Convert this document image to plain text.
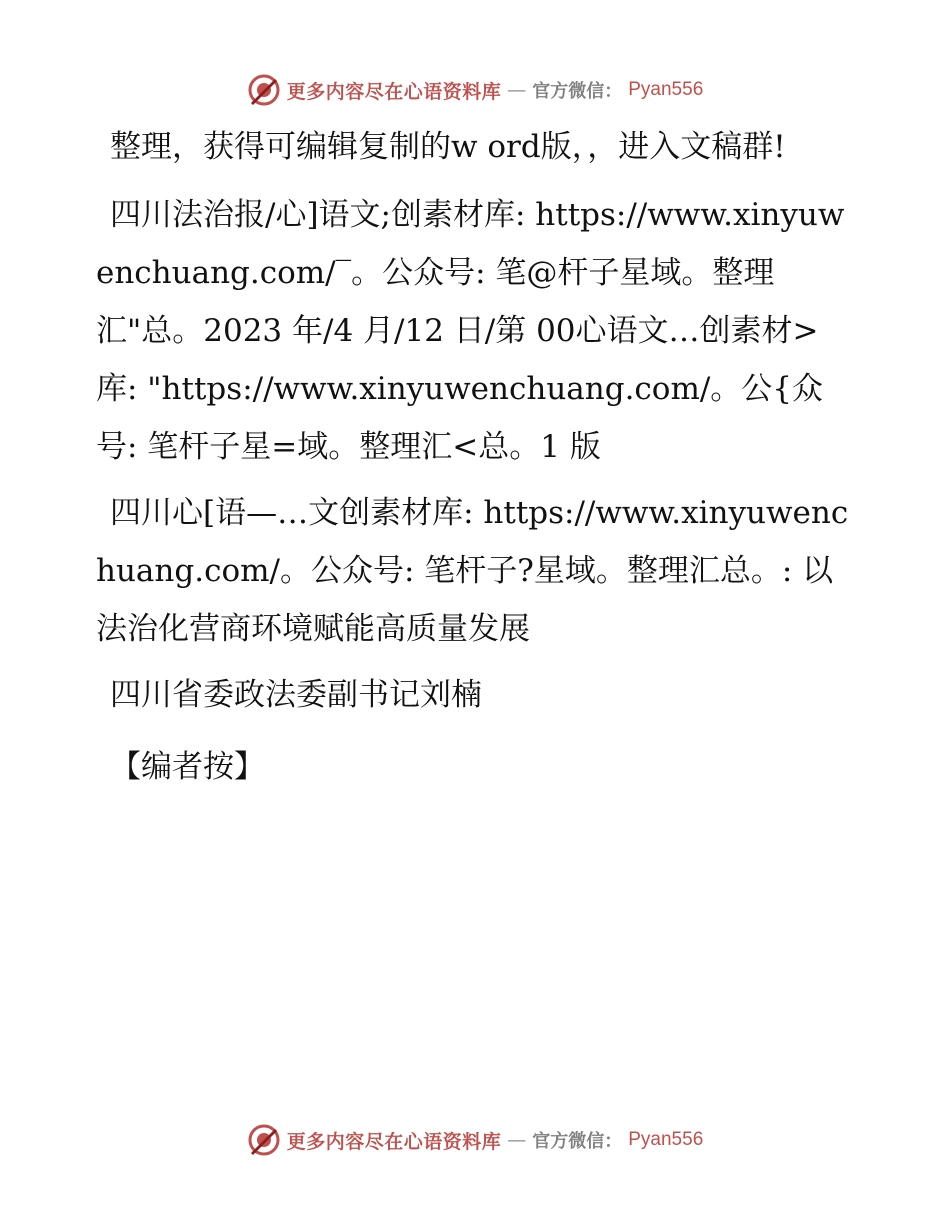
更多内容尽在心语资料库 — 官方微信： Pyan556

整理，获得可编辑复制的w ord版，，进入文稿群!

四川法治报/心]语文;创素材库: https://www.xinyuwenchuang.com/‾。公众号: 笔@杆子星域。整理汇"总。2023 年/4 月/12 日/第 00心语文…创素材>库: "https://www.xinyuwenchuang.com/。公{众号: 笔杆子星=域。整理汇<总。1 版

四川心[语—…文创素材库: https://www.xinyuwenchuang.com/。公众号: 笔杆子?星域。整理汇总。: 以法治化营商环境赋能高质量发展

四川省委政法委副书记刘楠

【编者按】

更多内容尽在心语资料库 — 官方微信： Pyan556
